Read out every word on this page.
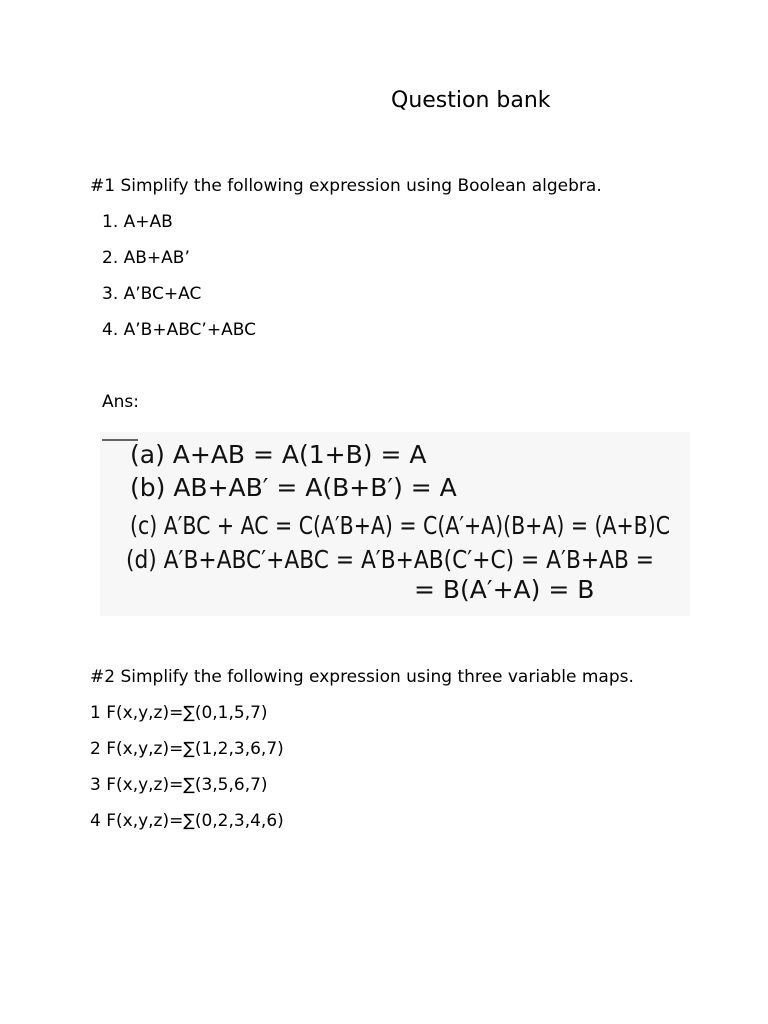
Question bank
#1 Simplify the following expression using Boolean algebra.
1. A+AB
2. AB+AB’
3. A’BC+AC
4. A’B+ABC’+ABC
Ans:
(a) A+AB = A(1+B) = A
(b) AB+AB′ = A(B+B′) = A
(c) A′BC + AC = C(A′B+A) = C(A′+A)(B+A) = (A+B)C
(d) A′B+ABC′+ABC = A′B+AB(C′+C) = A′B+AB =
= B(A′+A) = B
#2 Simplify the following expression using three variable maps.
1 F(x,y,z)=∑(0,1,5,7)
2 F(x,y,z)=∑(1,2,3,6,7)
3 F(x,y,z)=∑(3,5,6,7)
4 F(x,y,z)=∑(0,2,3,4,6)
